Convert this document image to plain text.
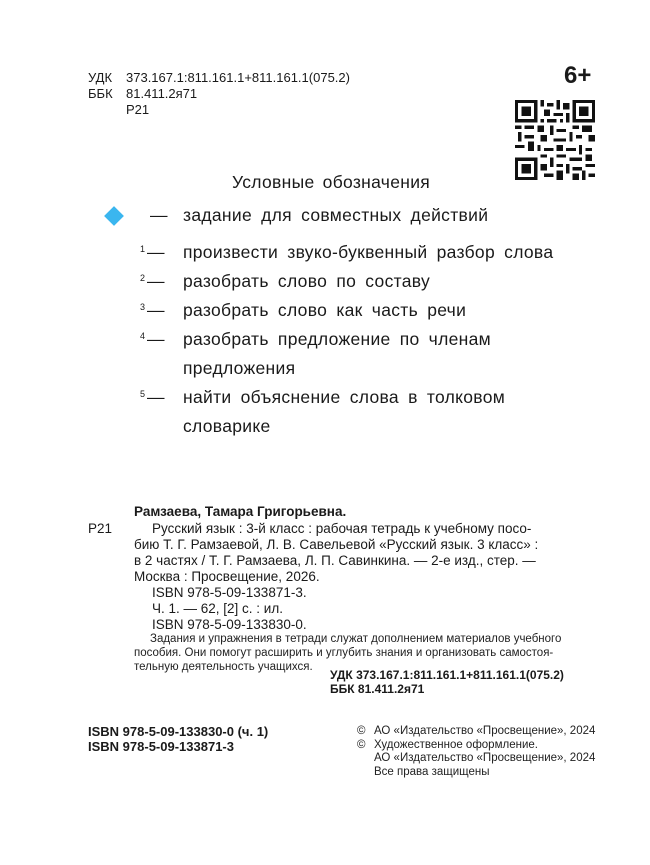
УДК	373.167.1:811.161.1+811.161.1(075.2)
ББК	81.411.2я71
Р21
6+
Условные обозначения
— задание для совместных действий
1 — произвести звуко-буквенный разбор слова
2 — разобрать слово по составу
3 — разобрать слово как часть речи
4 — разобрать предложение по членам
предложения
5 — найти объяснение слова в толковом
словарике
Рамзаева, Тамара Григорьевна.
Р21	Русский язык : 3-й класс : рабочая тетрадь к учебному посо-
бию Т. Г. Рамзаевой, Л. В. Савельевой «Русский язык. 3 класс» :
в 2 частях / Т. Г. Рамзаева, Л. П. Савинкина. — 2-е изд., стер. —
Москва : Просвещение, 2026.
ISBN 978-5-09-133871-3.
Ч. 1. — 62, [2] с. : ил.
ISBN 978-5-09-133830-0.
Задания и упражнения в тетради служат дополнением материалов учебного
пособия. Они помогут расширить и углубить знания и организовать самостоя-
тельную деятельность учащихся.
УДК 373.167.1:811.161.1+811.161.1(075.2)
ББК 81.411.2я71
ISBN 978-5-09-133830-0 (ч. 1)
ISBN 978-5-09-133871-3
© АО «Издательство «Просвещение», 2024
© Художественное оформление.
АО «Издательство «Просвещение», 2024
Все права защищены
